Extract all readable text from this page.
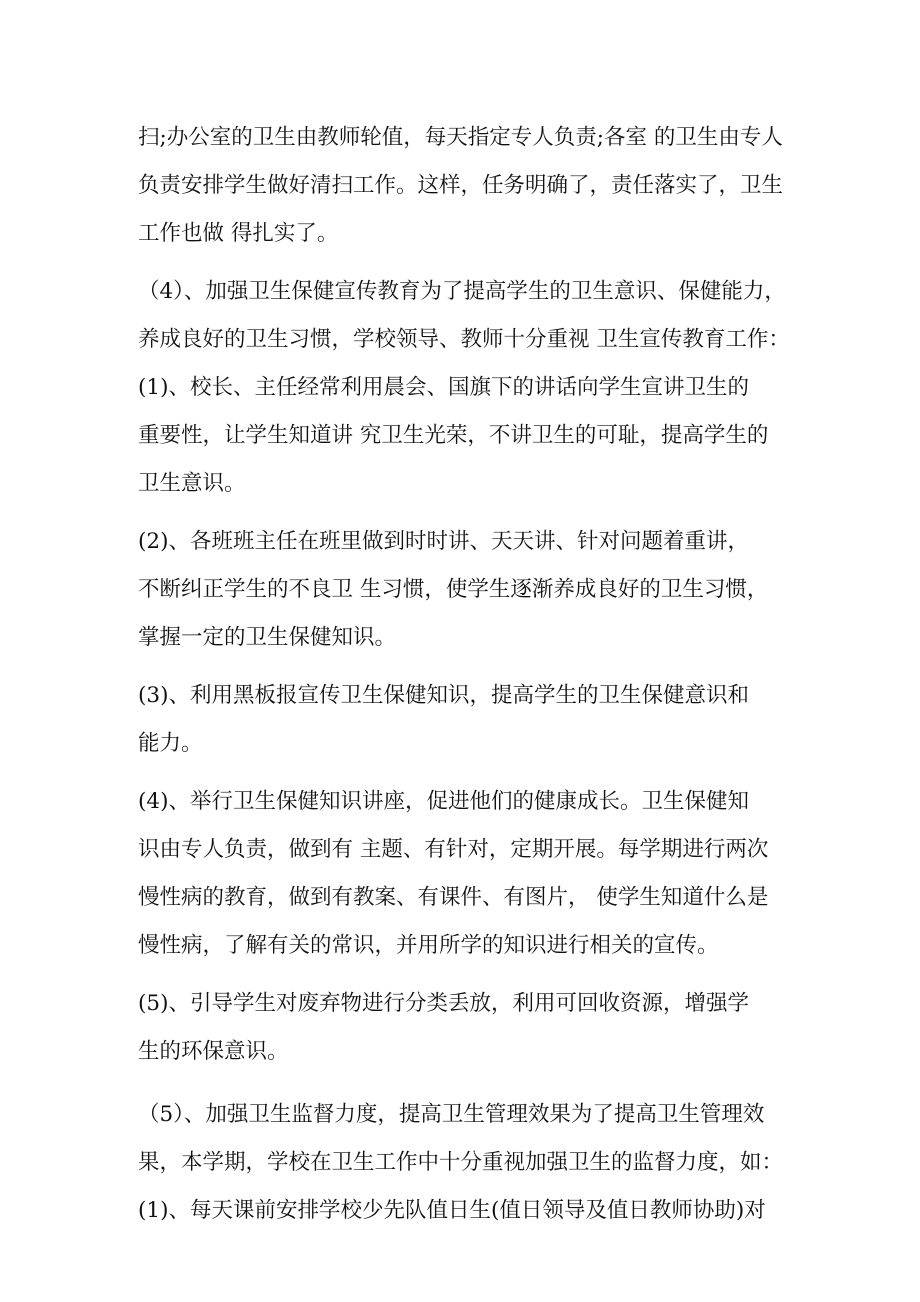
扫;办公室的卫生由教师轮值，每天指定专人负责;各室 的卫生由专人
负责安排学生做好清扫工作。这样，任务明确了，责任落实了，卫生
工作也做 得扎实了。
（4）、加强卫生保健宣传教育为了提高学生的卫生意识、保健能力，
养成良好的卫生习惯，学校领导、教师十分重视 卫生宣传教育工作：
(1)、校长、主任经常利用晨会、国旗下的讲话向学生宣讲卫生的
重要性，让学生知道讲 究卫生光荣，不讲卫生的可耻，提高学生的
卫生意识。
(2)、各班班主任在班里做到时时讲、天天讲、针对问题着重讲，
不断纠正学生的不良卫 生习惯，使学生逐渐养成良好的卫生习惯，
掌握一定的卫生保健知识。
(3)、利用黑板报宣传卫生保健知识，提高学生的卫生保健意识和
能力。
(4)、举行卫生保健知识讲座，促进他们的健康成长。卫生保健知
识由专人负责，做到有 主题、有针对，定期开展。每学期进行两次
慢性病的教育，做到有教案、有课件、有图片， 使学生知道什么是
慢性病，了解有关的常识，并用所学的知识进行相关的宣传。
(5)、引导学生对废弃物进行分类丢放，利用可回收资源，增强学
生的环保意识。
（5）、加强卫生监督力度，提高卫生管理效果为了提高卫生管理效
果，本学期，学校在卫生工作中十分重视加强卫生的监督力度，如：
(1)、每天课前安排学校少先队值日生(值日领导及值日教师协助)对
